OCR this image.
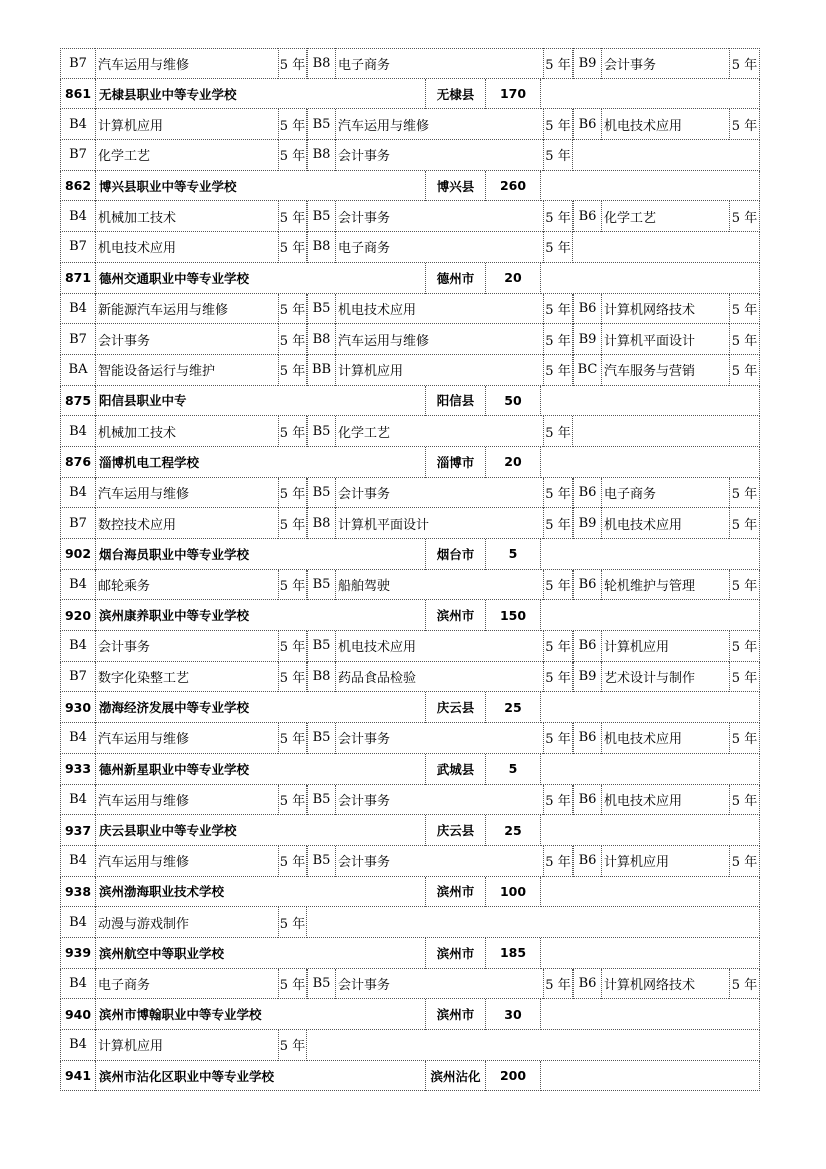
B7 汽车运用与维修	5 年 B8 电子商务	5 年 B9 会计事务	5 年
861 无棣县职业中等专业学校	无棣县	170
B4 计算机应用	5 年 B5 汽车运用与维修	5 年 B6 机电技术应用	5 年
B7 化学工艺	5 年 B8 会计事务	5 年
862 博兴县职业中等专业学校	博兴县	260
B4 机械加工技术	5 年 B5 会计事务	5 年 B6 化学工艺	5 年
B7 机电技术应用	5 年 B8 电子商务	5 年
871 德州交通职业中等专业学校	德州市	20
B4 新能源汽车运用与维修	5 年 B5 机电技术应用	5 年 B6 计算机网络技术	5 年
B7 会计事务	5 年 B8 汽车运用与维修	5 年 B9 计算机平面设计	5 年
BA 智能设备运行与维护	5 年 BB 计算机应用	5 年 BC 汽车服务与营销	5 年
875 阳信县职业中专	阳信县	50
B4 机械加工技术	5 年 B5 化学工艺	5 年
876 淄博机电工程学校	淄博市	20
B4 汽车运用与维修	5 年 B5 会计事务	5 年 B6 电子商务	5 年
B7 数控技术应用	5 年 B8 计算机平面设计	5 年 B9 机电技术应用	5 年
902 烟台海员职业中等专业学校	烟台市	5
B4 邮轮乘务	5 年 B5 船舶驾驶	5 年 B6 轮机维护与管理	5 年
920 滨州康养职业中等专业学校	滨州市	150
B4 会计事务	5 年 B5 机电技术应用	5 年 B6 计算机应用	5 年
B7 数字化染整工艺	5 年 B8 药品食品检验	5 年 B9 艺术设计与制作	5 年
930 渤海经济发展中等专业学校	庆云县	25
B4 汽车运用与维修	5 年 B5 会计事务	5 年 B6 机电技术应用	5 年
933 德州新星职业中等专业学校	武城县	5
B4 汽车运用与维修	5 年 B5 会计事务	5 年 B6 机电技术应用	5 年
937 庆云县职业中等专业学校	庆云县	25
B4 汽车运用与维修	5 年 B5 会计事务	5 年 B6 计算机应用	5 年
938 滨州渤海职业技术学校	滨州市	100
B4 动漫与游戏制作	5 年
939 滨州航空中等职业学校	滨州市	185
B4 电子商务	5 年 B5 会计事务	5 年 B6 计算机网络技术	5 年
940 滨州市博翰职业中等专业学校	滨州市	30
B4 计算机应用	5 年
941 滨州市沾化区职业中等专业学校	滨州沾化	200
